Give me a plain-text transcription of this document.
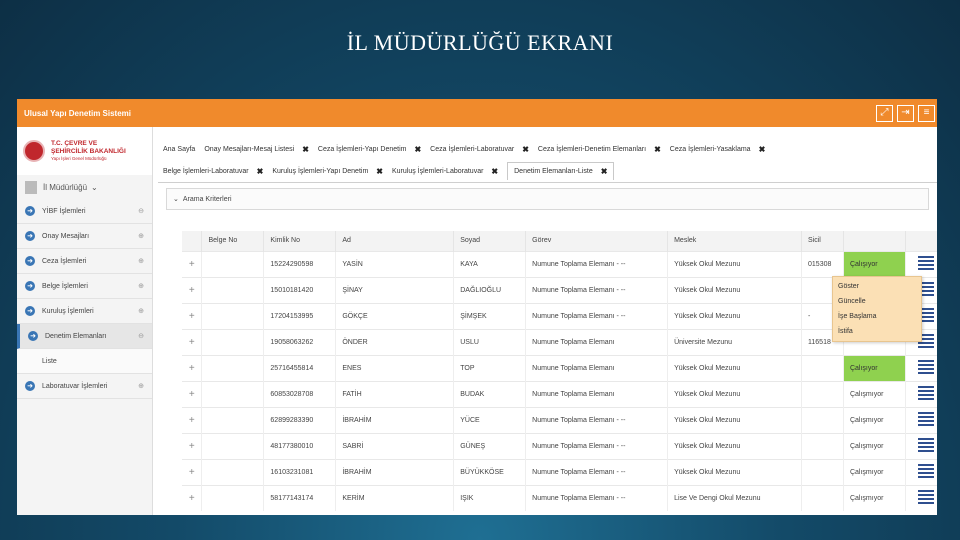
İL MÜDÜRLÜĞÜ EKRANI
Ulusal Yapı Denetim Sistemi	⤢	⇥	≡
T.C. ÇEVRE VE
ŞEHİRCİLİK BAKANLIĞI
Yapı İşleri Genel Müdürlüğü
İl Müdürlüğü ⌄
➜ YİBF İşlemleri	⊖
➜ Onay Mesajları	⊕
➜ Ceza İşlemleri	⊕
➜ Belge İşlemleri	⊕
➜ Kuruluş İşlemleri	⊕
➜ Denetim Elemanları	⊖
Liste
➜ Laboratuvar İşlemleri	⊕
Ana Sayfa Onay Mesajları-Mesaj Listesi ✖ Ceza İşlemleri-Yapı Denetim ✖ Ceza İşlemleri-Laboratuvar ✖ Ceza İşlemleri-Denetim Elemanları ✖ Ceza İşlemleri-Yasaklama ✖
Belge İşlemleri-Laboratuvar ✖ Kuruluş İşlemleri-Yapı Denetim ✖ Kuruluş İşlemleri-Laboratuvar ✖ Denetim Elemanları-Liste ✖
⌄ Arama Kriterleri
	Belge No	Kimlik No	Ad	Soyad	Görev	Meslek	Sicil		
+		15224290598	YASİN	KAYA	Numune Toplama Elemanı - --	Yüksek Okul Mezunu	015308	Çalışıyor	

+		15010181420	ŞİNAY	DAĞLIOĞLU	Numune Toplama Elemanı - --	Yüksek Okul Mezunu			

+		17204153995	GÖKÇE	ŞİMŞEK	Numune Toplama Elemanı - --	Yüksek Okul Mezunu	-		

+		19058063262	ÖNDER	USLU	Numune Toplama Elemanı	Üniversite Mezunu	116518		

+		25716455814	ENES	TOP	Numune Toplama Elemanı	Yüksek Okul Mezunu		Çalışıyor	

+		60853028708	FATİH	BUDAK	Numune Toplama Elemanı	Yüksek Okul Mezunu		Çalışmıyor	

+		62899283390	İBRAHİM	YÜCE	Numune Toplama Elemanı - --	Yüksek Okul Mezunu		Çalışmıyor	

+		48177380010	SABRİ	GÜNEŞ	Numune Toplama Elemanı - --	Yüksek Okul Mezunu		Çalışmıyor	

+		16103231081	İBRAHİM	BÜYÜKKÖSE	Numune Toplama Elemanı - --	Yüksek Okul Mezunu		Çalışmıyor	

+		58177143174	KERİM	IŞIK	Numune Toplama Elemanı - --	Lise Ve Dengi Okul Mezunu		Çalışmıyor	
Göster
Güncelle
İşe Başlama
İstifa
